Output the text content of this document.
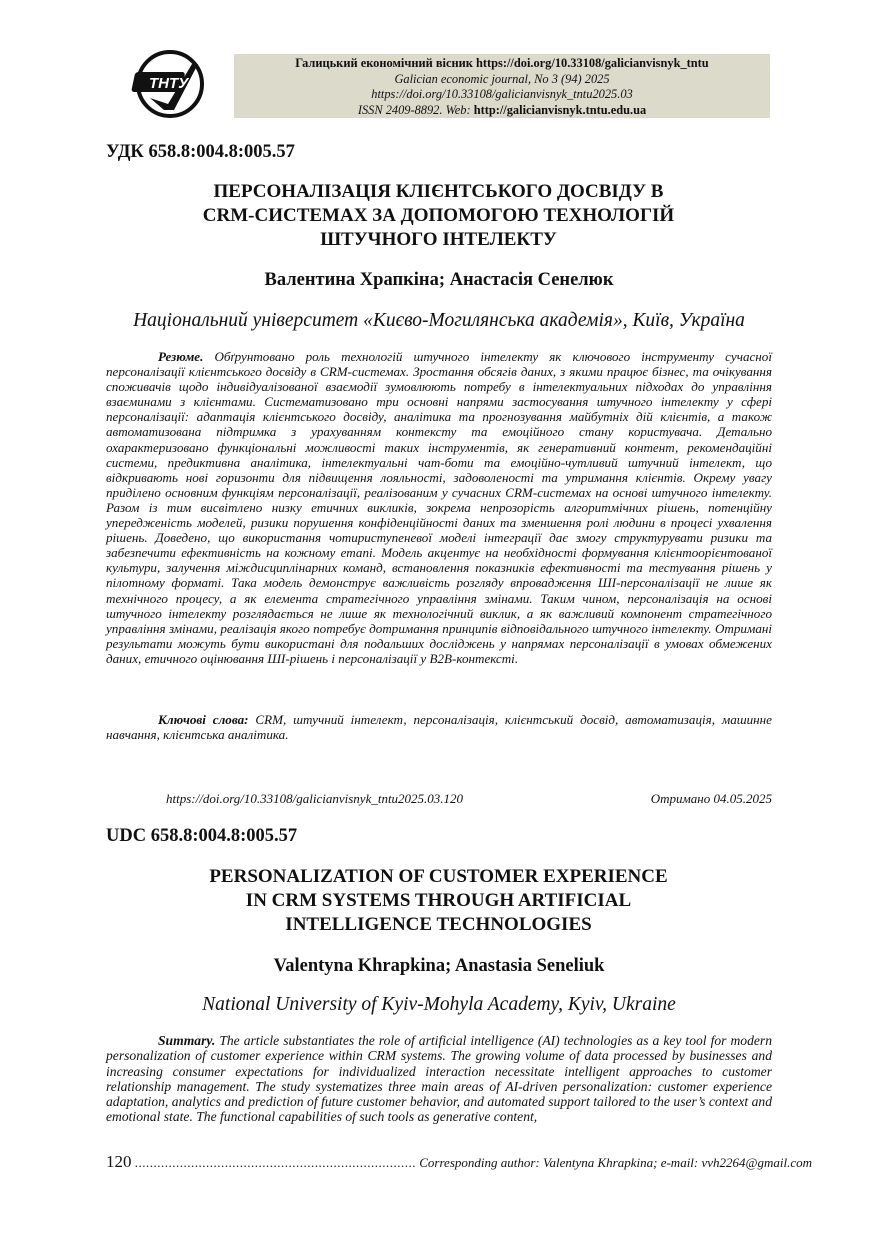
ТНТУ
Галицький економічний вісник https://doi.org/10.33108/galicianvisnyk_tntu
Galician economic journal, No 3 (94) 2025
https://doi.org/10.33108/galicianvisnyk_tntu2025.03
ISSN 2409-8892. Web: http://galicianvisnyk.tntu.edu.ua
УДК 658.8:004.8:005.57
ПЕРСОНАЛІЗАЦІЯ КЛІЄНТСЬКОГО ДОСВІДУ В
CRM-СИСТЕМАХ ЗА ДОПОМОГОЮ ТЕХНОЛОГІЙ
ШТУЧНОГО ІНТЕЛЕКТУ
Валентина Храпкіна; Анастасія Сенелюк
Національний університет «Києво-Могилянська академія», Київ, Україна
Резюме. Обґрунтовано роль технологій штучного інтелекту як ключового інструменту сучасної персоналізації клієнтського досвіду в CRM-системах. Зростання обсягів даних, з якими працює бізнес, та очікування споживачів щодо індивідуалізованої взаємодії зумовлюють потребу в інтелектуальних підходах до управління взаєминами з клієнтами. Систематизовано три основні напрями застосування штучного інтелекту у сфері персоналізації: адаптація клієнтського досвіду, аналітика та прогнозування майбутніх дій клієнтів, а також автоматизована підтримка з урахуванням контексту та емоційного стану користувача. Детально охарактеризовано функціональні можливості таких інструментів, як генеративний контент, рекомендаційні системи, предиктивна аналітика, інтелектуальні чат-боти та емоційно-чутливий штучний інтелект, що відкривають нові горизонти для підвищення лояльності, задоволеності та утримання клієнтів. Окрему увагу приділено основним функціям персоналізації, реалізованим у сучасних CRM-системах на основі штучного інтелекту. Разом із тим висвітлено низку етичних викликів, зокрема непрозорість алгоритмічних рішень, потенційну упередженість моделей, ризики порушення конфіденційності даних та зменшення ролі людини в процесі ухвалення рішень. Доведено, що використання чотириступеневої моделі інтеграції дає змогу структурувати ризики та забезпечити ефективність на кожному етапі. Модель акцентує на необхідності формування клієнтоорієнтованої культури, залучення міждисциплінарних команд, встановлення показників ефективності та тестування рішень у пілотному форматі. Така модель демонструє важливість розгляду впровадження ШІ-персоналізації не лише як технічного процесу, а як елемента стратегічного управління змінами. Таким чином, персоналізація на основі штучного інтелекту розглядається не лише як технологічний виклик, а як важливий компонент стратегічного управління змінами, реалізація якого потребує дотримання принципів відповідального штучного інтелекту. Отримані результати можуть бути використані для подальших досліджень у напрямах персоналізації в умовах обмежених даних, етичного оцінювання ШІ-рішень і персоналізації у B2B-контексті.
Ключові слова: CRM, штучний інтелект, персоналізація, клієнтський досвід, автоматизація, машинне навчання, клієнтська аналітика.
https://doi.org/10.33108/galicianvisnyk_tntu2025.03.120	Отримано 04.05.2025
UDC 658.8:004.8:005.57
PERSONALIZATION OF CUSTOMER EXPERIENCE
IN CRM SYSTEMS THROUGH ARTIFICIAL
INTELLIGENCE TECHNOLOGIES
Valentyna Khrapkina; Anastasia Seneliuk
National University of Kyiv-Mohyla Academy, Kyiv, Ukraine
Summary. The article substantiates the role of artificial intelligence (AI) technologies as a key tool for modern personalization of customer experience within CRM systems. The growing volume of data processed by businesses and increasing consumer expectations for individualized interaction necessitate intelligent approaches to customer relationship management. The study systematizes three main areas of AI-driven personalization: customer experience adaptation, analytics and prediction of future customer behavior, and automated support tailored to the user’s context and emotional state. The functional capabilities of such tools as generative content,
120 ........................................................................... Corresponding author: Valentyna Khrapkina; e-mail: vvh2264@gmail.com
